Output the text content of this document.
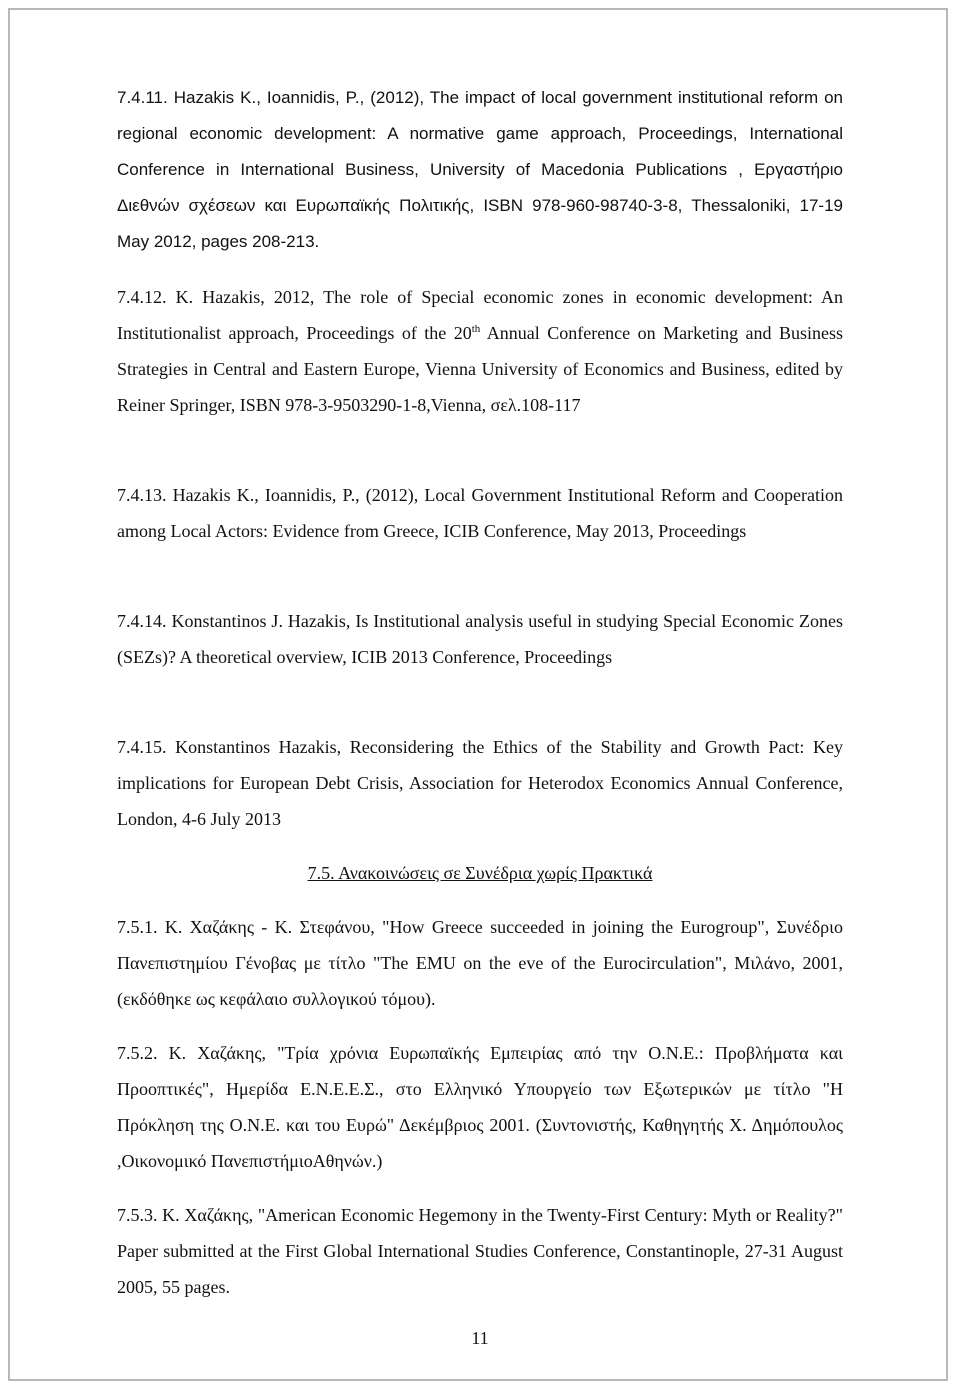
7.4.11. Hazakis K., Ioannidis, P., (2012), The impact of local government institutional reform on regional economic development: A normative game approach, Proceedings, International Conference in International Business, University of Macedonia Publications , Εργαστήριο Διεθνών σχέσεων και Ευρωπαϊκής Πολιτικής, ISBN 978-960-98740-3-8, Thessaloniki, 17-19 May 2012, pages 208-213.

7.4.12. K. Hazakis, 2012, The role of Special economic zones in economic development: An Institutionalist approach, Proceedings of the 20th Annual Conference on Marketing and Business Strategies in Central and Eastern Europe, Vienna University of Economics and Business, edited by Reiner Springer, ISBN 978-3-9503290-1-8,Vienna, σελ.108-117

7.4.13. Hazakis K., Ioannidis, P., (2012), Local Government Institutional Reform and Cooperation among Local Actors: Evidence from Greece, ICIB Conference, May 2013, Proceedings

7.4.14. Konstantinos J. Hazakis, Is Institutional analysis useful in studying Special Economic Zones (SEZs)? A theoretical overview, ICIB 2013 Conference, Proceedings

7.4.15. Konstantinos Hazakis, Reconsidering the Ethics of the Stability and Growth Pact: Key implications for European Debt Crisis, Association for Heterodox Economics Annual Conference, London, 4-6 July 2013

7.5. Ανακοινώσεις σε Συνέδρια χωρίς Πρακτικά

7.5.1. Κ. Χαζάκης - Κ. Στεφάνου, "How Greece succeeded in joining the Eurogroup", Συνέδριο Πανεπιστημίου Γένοβας με τίτλο "The EMU on the eve of the Eurocirculation", Μιλάνο, 2001, (εκδόθηκε ως κεφάλαιο συλλογικού τόμου).

7.5.2. Κ. Χαζάκης, "Τρία χρόνια Ευρωπαϊκής Εμπειρίας από την Ο.Ν.Ε.: Προβλήματα και Προοπτικές", Ημερίδα Ε.Ν.Ε.Ε.Σ., στο Ελληνικό Υπουργείο των Εξωτερικών με τίτλο "Η Πρόκληση της Ο.Ν.Ε. και του Ευρώ" Δεκέμβριος 2001. (Συντονιστής, Καθηγητής Χ. Δημόπουλος ,Οικονομικό ΠανεπιστήμιοΑθηνών.)

7.5.3. Κ. Χαζάκης, "American Economic Hegemony in the Twenty-First Century: Myth or Reality?" Paper submitted at the First Global International Studies Conference, Constantinople, 27-31 August 2005, 55 pages.

11
